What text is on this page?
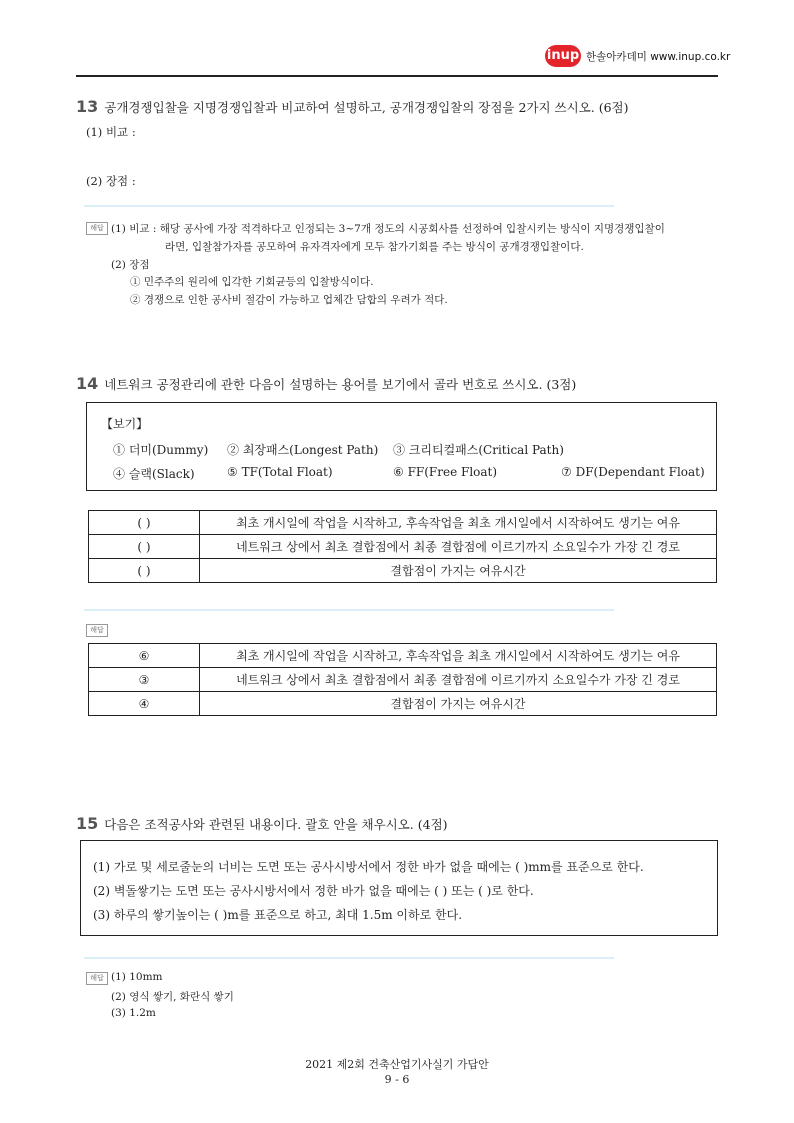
inup 한솔아카데미 www.inup.co.kr
13 공개경쟁입찰을 지명경쟁입찰과 비교하여 설명하고, 공개경쟁입찰의 장점을 2가지 쓰시오. (6점)
(1) 비교 :
(2) 장점 :
해답 (1) 비교 : 해당 공사에 가장 적격하다고 인정되는 3~7개 정도의 시공회사를 선정하여 입찰시키는 방식이 지명경쟁입찰이
라면, 입찰참가자를 공모하여 유자격자에게 모두 참가기회를 주는 방식이 공개경쟁입찰이다.
(2) 장점
① 민주주의 원리에 입각한 기회균등의 입찰방식이다.
② 경쟁으로 인한 공사비 절감이 가능하고 업체간 담합의 우려가 적다.
14 네트워크 공정관리에 관한 다음이 설명하는 용어를 보기에서 골라 번호로 쓰시오. (3점)
【보기】
① 더미(Dummy) ② 최장패스(Longest Path) ③ 크리티컬패스(Critical Path)
④ 슬랙(Slack)	⑤ TF(Total Float)	⑥ FF(Free Float)	⑦ DF(Dependant Float)
( )	최초 개시일에 작업을 시작하고, 후속작업을 최초 개시일에서 시작하여도 생기는 여유
( )	네트워크 상에서 최초 결합점에서 최종 결합점에 이르기까지 소요일수가 가장 긴 경로
( )	결합점이 가지는 여유시간
해답
⑥	최초 개시일에 작업을 시작하고, 후속작업을 최초 개시일에서 시작하여도 생기는 여유
③	네트워크 상에서 최초 결합점에서 최종 결합점에 이르기까지 소요일수가 가장 긴 경로
④	결합점이 가지는 여유시간
15 다음은 조적공사와 관련된 내용이다. 괄호 안을 채우시오. (4점)
(1) 가로 및 세로줄눈의 너비는 도면 또는 공사시방서에서 정한 바가 없을 때에는 ( )mm를 표준으로 한다.
(2) 벽돌쌓기는 도면 또는 공사시방서에서 정한 바가 없을 때에는 ( ) 또는 ( )로 한다.
(3) 하루의 쌓기높이는 ( )m를 표준으로 하고, 최대 1.5m 이하로 한다.
해답 (1) 10mm
(2) 영식 쌓기, 화란식 쌓기
(3) 1.2m
2021 제2회 건축산업기사실기 가답안
9 - 6
